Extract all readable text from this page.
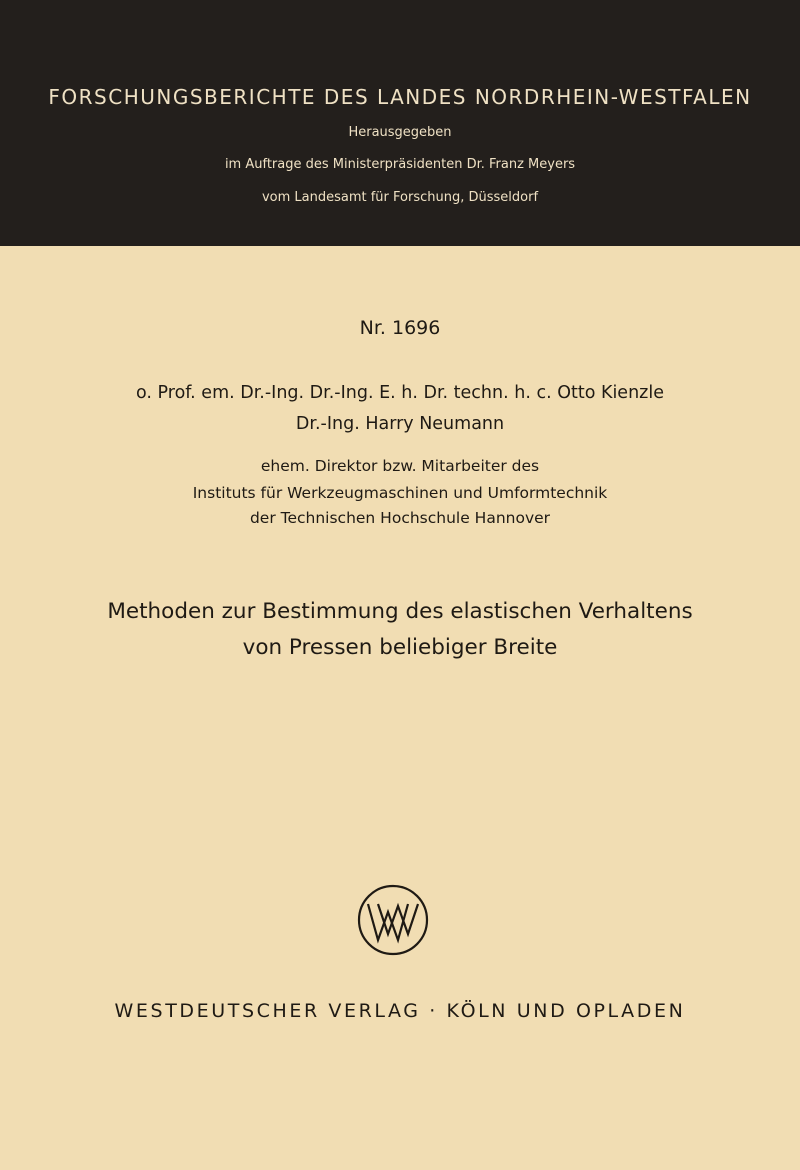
FORSCHUNGSBERICHTE DES LANDES NORDRHEIN-WESTFALEN
Herausgegeben
im Auftrage des Ministerpräsidenten Dr. Franz Meyers
vom Landesamt für Forschung, Düsseldorf
Nr. 1696
o. Prof. em. Dr.-Ing. Dr.-Ing. E. h. Dr. techn. h. c. Otto Kienzle
Dr.-Ing. Harry Neumann
ehem. Direktor bzw. Mitarbeiter des
Instituts für Werkzeugmaschinen und Umformtechnik
der Technischen Hochschule Hannover
Methoden zur Bestimmung des elastischen Verhaltens
von Pressen beliebiger Breite
WESTDEUTSCHER VERLAG · KÖLN UND OPLADEN
